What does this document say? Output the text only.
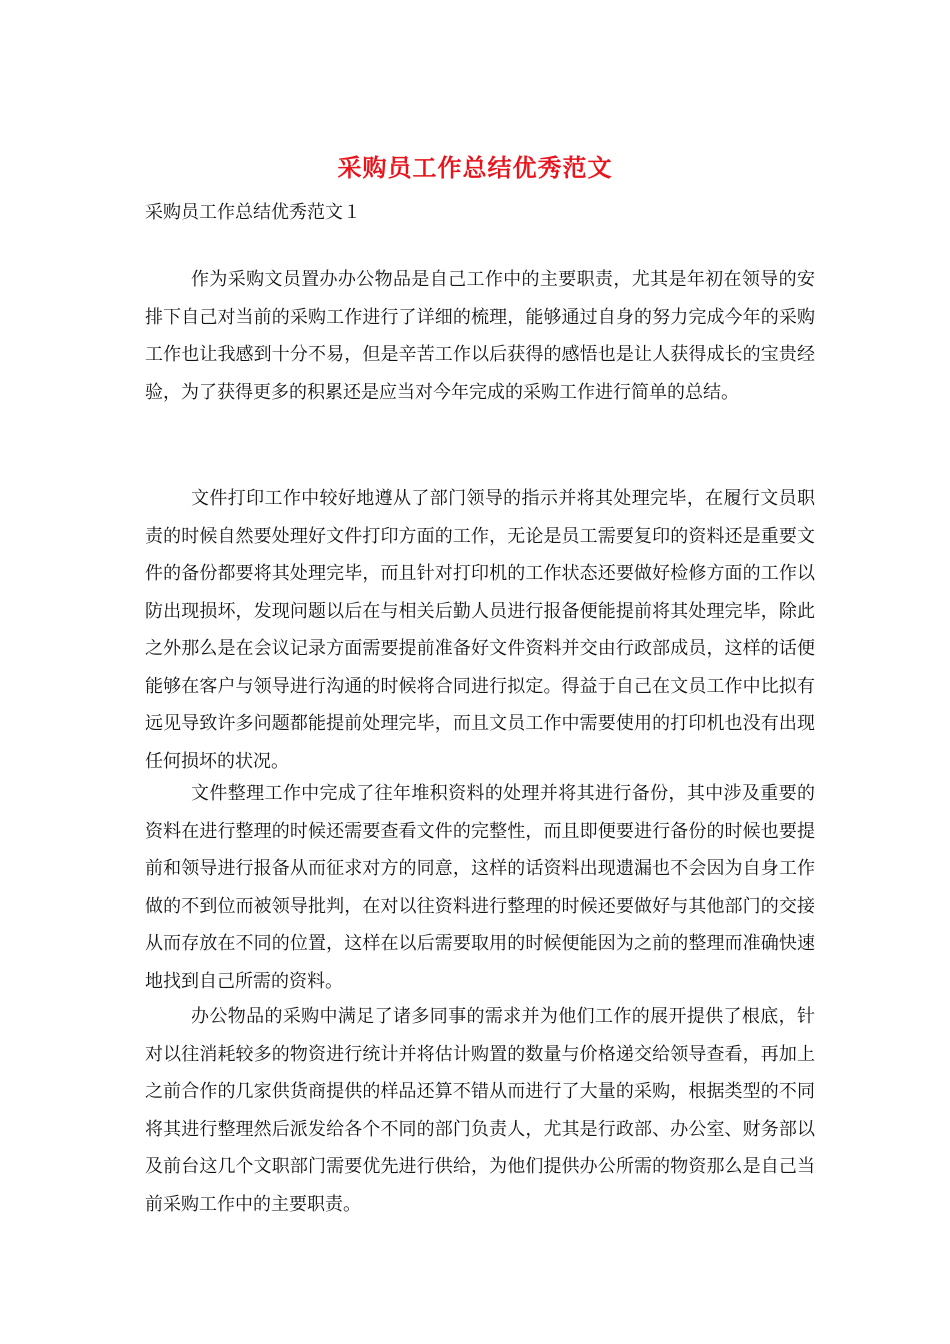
采购员工作总结优秀范文
采购员工作总结优秀范文１

作为采购文员置办办公物品是自己工作中的主要职责，尤其是年初在领导的安排下自己对当前的采购工作进行了详细的梳理，能够通过自身的努力完成今年的采购工作也让我感到十分不易，但是辛苦工作以后获得的感悟也是让人获得成长的宝贵经验，为了获得更多的积累还是应当对今年完成的采购工作进行简单的总结。

文件打印工作中较好地遵从了部门领导的指示并将其处理完毕，在履行文员职责的时候自然要处理好文件打印方面的工作，无论是员工需要复印的资料还是重要文件的备份都要将其处理完毕，而且针对打印机的工作状态还要做好检修方面的工作以防出现损坏，发现问题以后在与相关后勤人员进行报备便能提前将其处理完毕，除此之外那么是在会议记录方面需要提前准备好文件资料并交由行政部成员，这样的话便能够在客户与领导进行沟通的时候将合同进行拟定。得益于自己在文员工作中比拟有远见导致许多问题都能提前处理完毕，而且文员工作中需要使用的打印机也没有出现任何损坏的状况。

文件整理工作中完成了往年堆积资料的处理并将其进行备份，其中涉及重要的资料在进行整理的时候还需要查看文件的完整性，而且即便要进行备份的时候也要提前和领导进行报备从而征求对方的同意，这样的话资料出现遗漏也不会因为自身工作做的不到位而被领导批判，在对以往资料进行整理的时候还要做好与其他部门的交接从而存放在不同的位置，这样在以后需要取用的时候便能因为之前的整理而准确快速地找到自己所需的资料。

办公物品的采购中满足了诸多同事的需求并为他们工作的展开提供了根底，针对以往消耗较多的物资进行统计并将估计购置的数量与价格递交给领导查看，再加上之前合作的几家供货商提供的样品还算不错从而进行了大量的采购，根据类型的不同将其进行整理然后派发给各个不同的部门负责人，尤其是行政部、办公室、财务部以及前台这几个文职部门需要优先进行供给，为他们提供办公所需的物资那么是自己当前采购工作中的主要职责。
